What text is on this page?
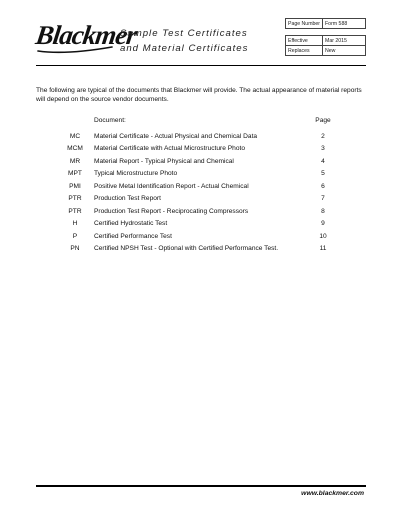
Blackmer
Sample Test Certificates
and Material Certificates
Page Number	Form 588

Effective	Mar 2015
Replaces	New

The following are typical of the documents that Blackmer will provide. The actual appearance of material reports will depend on the source vendor documents.

Document:	Page
MC	Material Certificate - Actual Physical and Chemical Data	2
MCM	Material Certificate with Actual Microstructure Photo	3
MR	Material Report - Typical Physical and Chemical	4
MPT	Typical Microstructure Photo	5
PMI	Positive Metal Identification Report - Actual Chemical	6
PTR	Production Test Report	7
PTR	Production Test Report - Reciprocating Compressors	8
H	Certified Hydrostatic Test	9
P	Certified Performance Test	10
PN	Certified NPSH Test - Optional with Certified Performance Test.	11
www.blackmer.com
